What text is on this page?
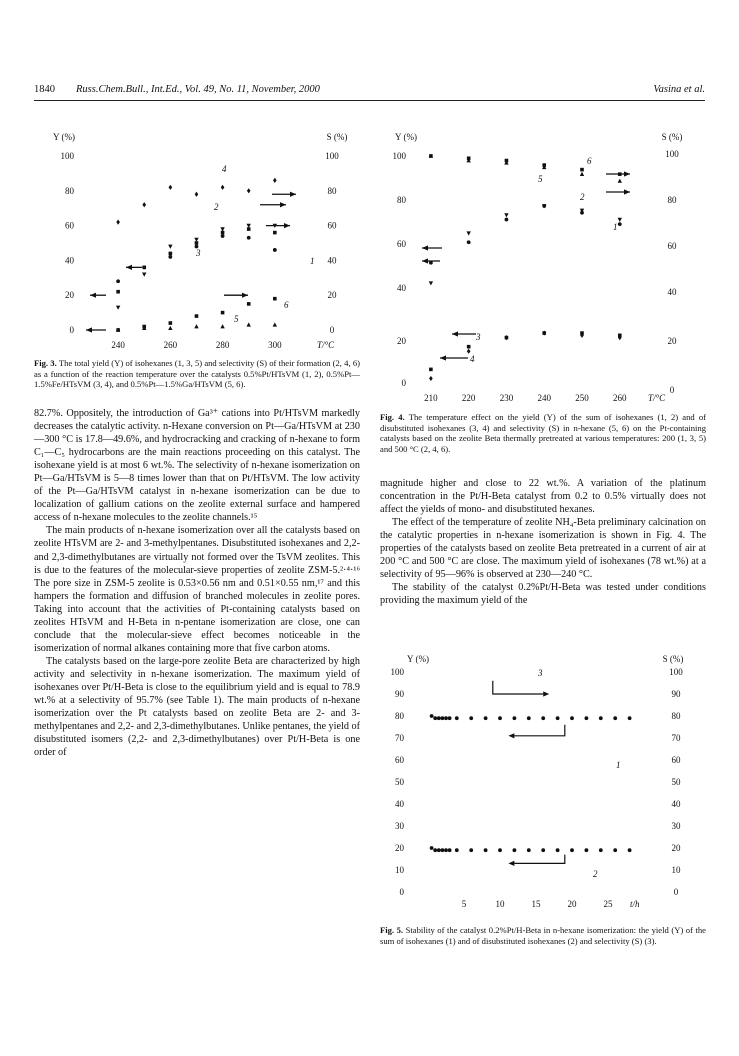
1840 Russ.Chem.Bull., Int.Ed., Vol. 49, No. 11, November, 2000	Vasina et al.
Y (%)	S (%)
100
80
60
40
20
0
100
80
60
40
20
0
240	260	280	300	T/°C
4
2
3
1
6
5
Fig. 3. The total yield (Y) of isohexanes (1, 3, 5) and selectivity (S) of their formation (2, 4, 6) as a function of the reaction temperature over the catalysts 0.5%Pt/HTsVM (1, 2), 0.5%Pt—1.5%Fe/HTsVM (3, 4), and 0.5%Pt—1.5%Ga/HTsVM (5, 6).

82.7%. Oppositely, the introduction of Ga³⁺ cations into Pt/HTsVM markedly decreases the catalytic activity. n-Hexane conversion on Pt—Ga/HTsVM at 230—300 °C is 17.8—49.6%, and hydrocracking and cracking of n-hexane to form C₁—C₅ hydrocarbons are the main reactions proceeding on this catalyst. The isohexane yield is at most 6 wt.%. The selectivity of n-hexane isomerization on Pt—Ga/HTsVM is 5—8 times lower than that on Pt/HTsVM. The low activity of the Pt—Ga/HTsVM catalyst in n-hexane isomerization can be due to localization of gallium cations on the zeolite external surface and hampered access of n-hexane molecules to the zeolite channels.¹⁵

The main products of n-hexane isomerization over all the catalysts based on zeolite HTsVM are 2- and 3-methylpentanes. Disubstituted isohexanes and 2,2- and 2,3-dimethylbutanes are virtually not formed over the TsVM zeolites. This is due to the features of the molecular-sieve properties of zeolite ZSM-5.²·⁴·¹⁶ The pore size in ZSM-5 zeolite is 0.53×0.56 nm and 0.51×0.55 nm,¹⁷ and this hampers the formation and diffusion of branched molecules in zeolite pores. Taking into account that the activities of Pt-containing catalysts based on zeolites HTsVM and H-Beta in n-pentane isomerization are close, one can conclude that the molecular-sieve effect becomes noticeable in the isomerization of normal alkanes containing more that five carbon atoms.

The catalysts based on the large-pore zeolite Beta are characterized by high activity and selectivity in n-hexane isomerization. The maximum yield of isohexanes over Pt/H-Beta is close to the equilibrium yield and is equal to 78.9 wt.% at a selectivity of 95.7% (see Table 1). The main products of n-hexane isomerization over the Pt catalysts based on zeolite Beta are 2- and 3-methylpentanes and 2,2- and 2,3-dimethylbutanes. Unlike pentanes, the yield of disubstituted isomers (2,2- and 2,3-dimethylbutanes) over Pt/H-Beta is one order of

Y (%)	S (%)
100
80
60
40
20
0
100
80
60
40
20
0
210	220	230	240	250	260 T/°C
6
5
2
1
3
4
Fig. 4. The temperature effect on the yield (Y) of the sum of isohexanes (1, 2) and of disubstituted isohexanes (3, 4) and selectivity (S) in n-hexane (5, 6) on the Pt-containing catalysts based on the zeolite Beta thermally pretreated at various temperatures: 200 (1, 3, 5) and 500 °C (2, 4, 6).

magnitude higher and close to 22 wt.%. A variation of the platinum concentration in the Pt/H-Beta catalyst from 0.2 to 0.5% virtually does not affect the yields of mono- and disubstituted hexanes.

The effect of the temperature of zeolite NH₄-Beta preliminary calcination on the catalytic properties in n-hexane isomerization is shown in Fig. 4. The properties of the catalysts based on zeolite Beta pretreated in a current of air at 200 °C and 500 °C are close. The maximum yield of isohexanes (78 wt.%) at a selectivity of 95—96% is observed at 230—240 °C.

The stability of the catalyst 0.2%Pt/H-Beta was tested under conditions providing the maximum yield of the

Y (%)	S (%)
100
90
80
70
60
50
40
30
20
10
0
100
90
80
70
60
50
40
30
20
10
0
5	10	15	20	25 t/h
3
1
2
Fig. 5. Stability of the catalyst 0.2%Pt/H-Beta in n-hexane isomerization: the yield (Y) of the sum of isohexanes (1) and of disubstituted isohexanes (2) and selectivity (S) (3).
